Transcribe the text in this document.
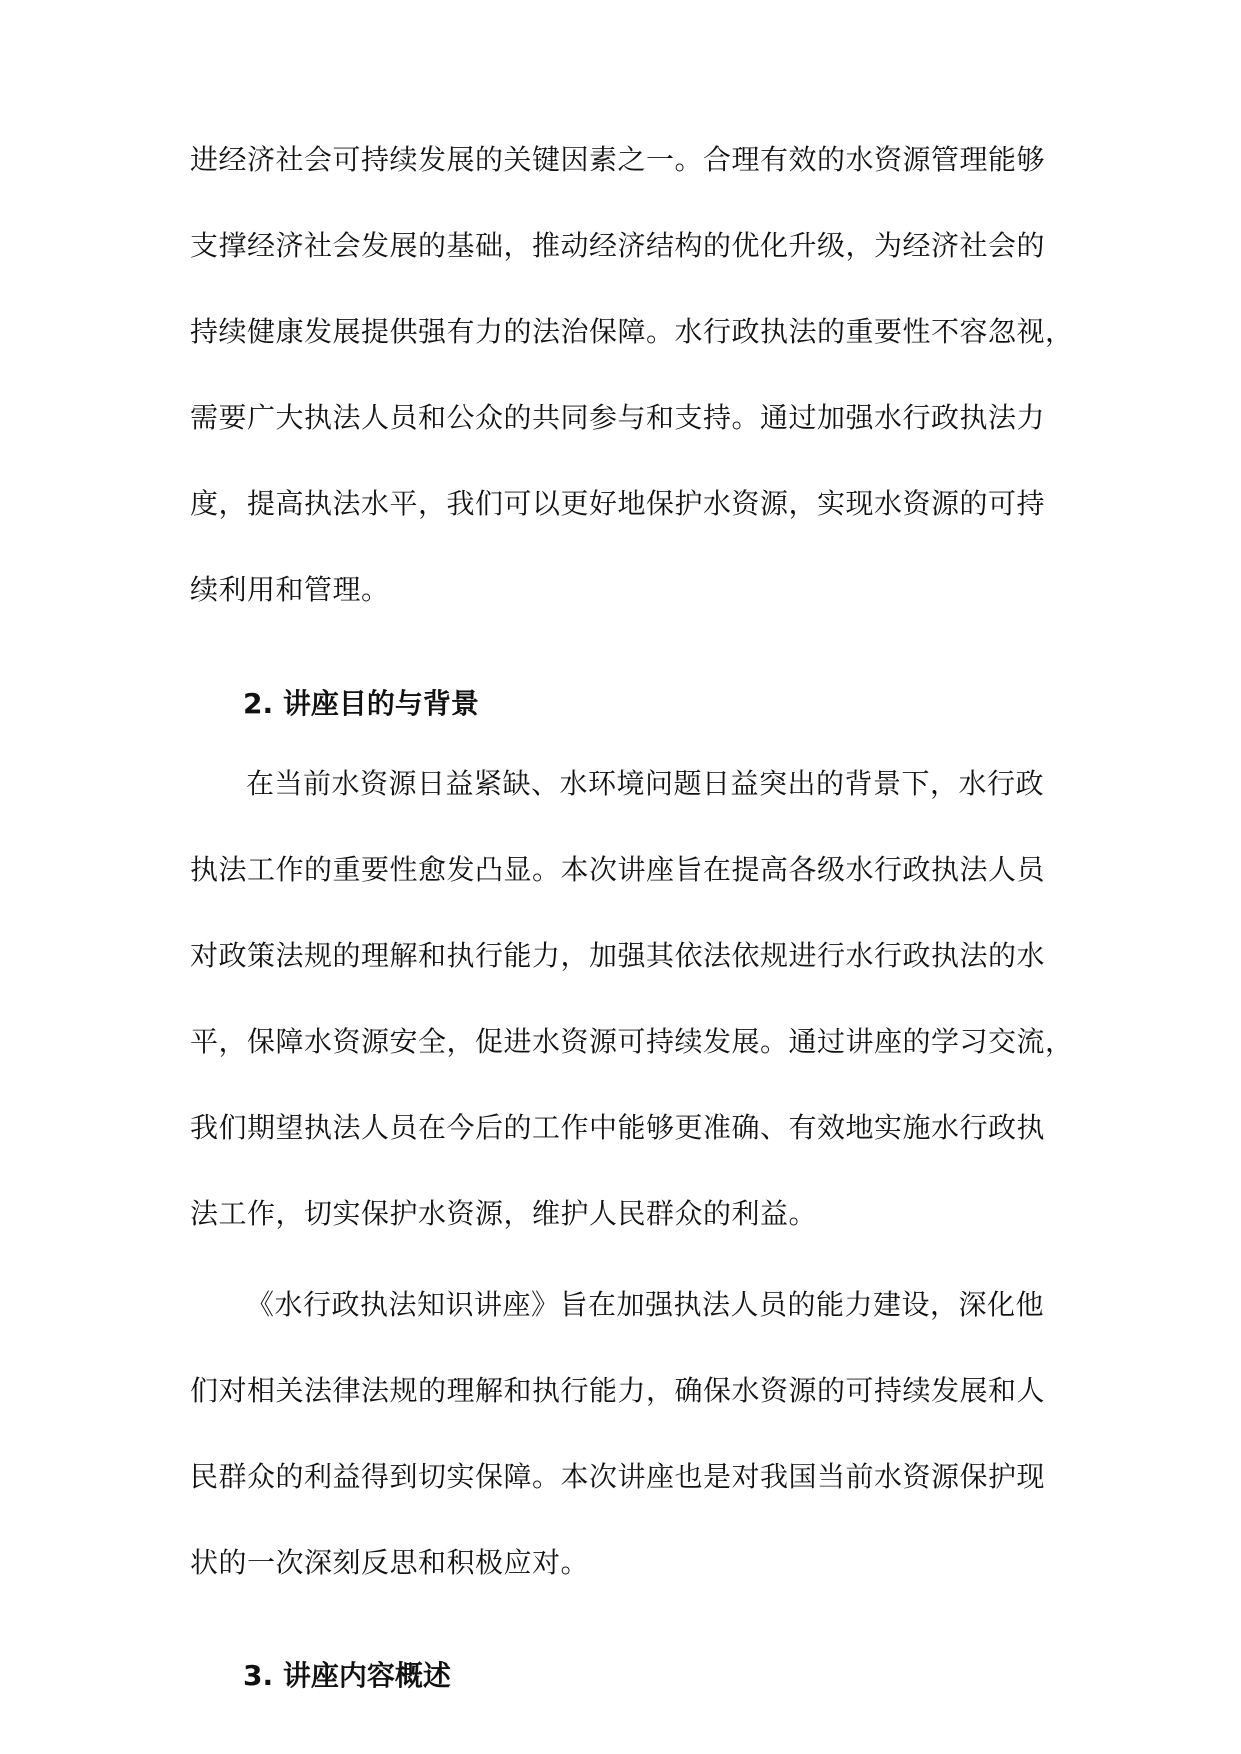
进经济社会可持续发展的关键因素之一。合理有效的水资源管理能够
支撑经济社会发展的基础，推动经济结构的优化升级，为经济社会的
持续健康发展提供强有力的法治保障。水行政执法的重要性不容忽视，
需要广大执法人员和公众的共同参与和支持。通过加强水行政执法力
度，提高执法水平，我们可以更好地保护水资源，实现水资源的可持
续利用和管理。
2. 讲座目的与背景
在当前水资源日益紧缺、水环境问题日益突出的背景下，水行政
执法工作的重要性愈发凸显。本次讲座旨在提高各级水行政执法人员
对政策法规的理解和执行能力，加强其依法依规进行水行政执法的水
平，保障水资源安全，促进水资源可持续发展。通过讲座的学习交流，
我们期望执法人员在今后的工作中能够更准确、有效地实施水行政执
法工作，切实保护水资源，维护人民群众的利益。
《水行政执法知识讲座》旨在加强执法人员的能力建设，深化他
们对相关法律法规的理解和执行能力，确保水资源的可持续发展和人
民群众的利益得到切实保障。本次讲座也是对我国当前水资源保护现
状的一次深刻反思和积极应对。
3. 讲座内容概述
